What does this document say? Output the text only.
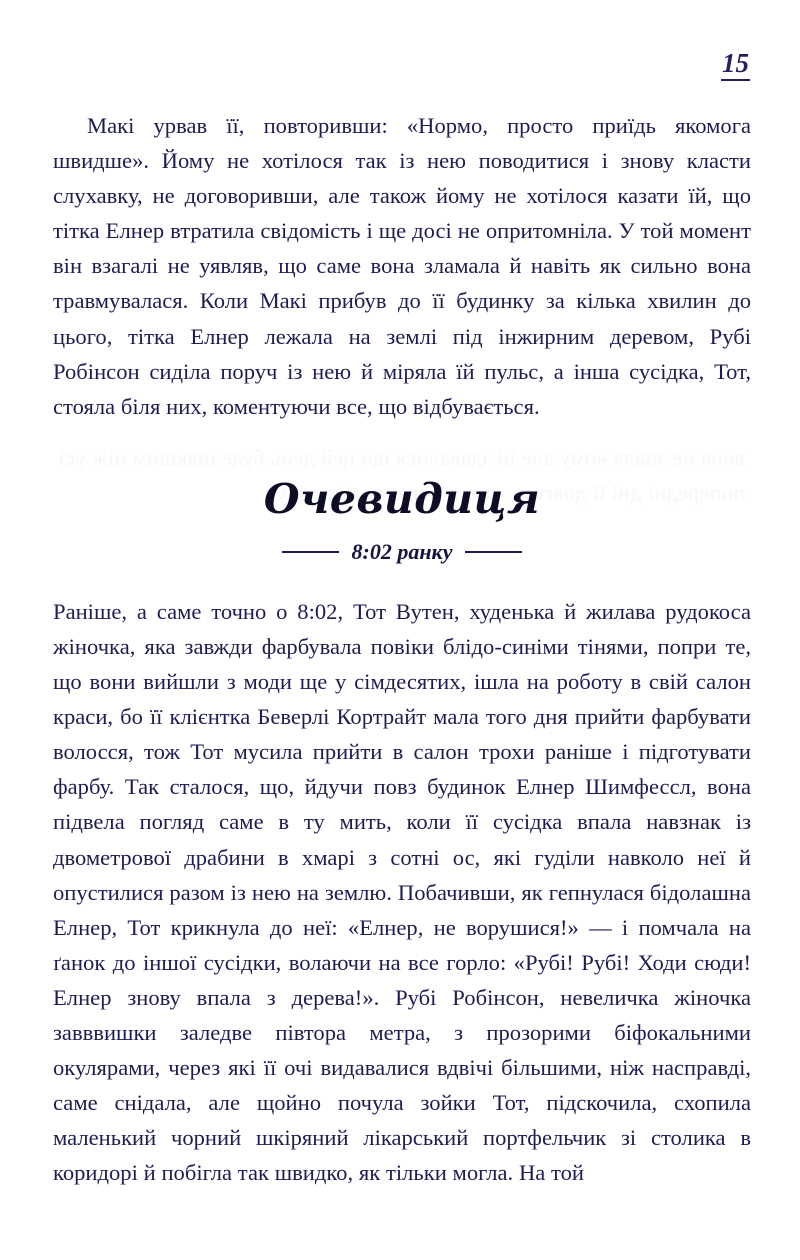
15

Макі урвав її, повторивши: «Нормо, просто приїдь якомога швидше». Йому не хотілося так із нею поводитися і знову класти слухавку, не договоривши, але також йому не хотілося казати їй, що тітка Елнер втратила свідомість і ще досі не опритомніла. У той момент він взагалі не уявляв, що саме вона зламала й навіть як сильно вона травмувалася. Коли Макі прибув до її будинку за кілька хвилин до цього, тітка Елнер лежала на землі під інжирним деревом, Рубі Робінсон сиділа поруч із нею й міряла їй пульс, а інша сусідка, Тот, стояла біля них, коментуючи все, що відбувається.

Очевидиця
8:02 ранку

Раніше, а саме точно о 8:02, Тот Вутен, худенька й жилава рудокоса жіночка, яка завжди фарбувала повіки блідо-синіми тінями, попри те, що вони вийшли з моди ще у сімдесятих, ішла на роботу в свій салон краси, бо її клієнтка Беверлі Кортрайт мала того дня прийти фарбувати волосся, тож Тот мусила прийти в салон трохи раніше і підготувати фарбу. Так сталося, що, йдучи повз будинок Елнер Шимфессл, вона підвела погляд саме в ту мить, коли її сусідка впала навзнак із двометрової драбини в хмарі з сотні ос, які гуділи навколо неї й опустилися разом із нею на землю. Побачивши, як гепнулася бідолашна Елнер, Тот крикнула до неї: «Елнер, не ворушися!» — і помчала на ґанок до іншої сусідки, волаючи на все горло: «Рубі! Рубі! Ходи сюди! Елнер знову впала з дерева!». Рубі Робінсон, невеличка жіночка завввишки заледве півтора метра, з прозорими біфокальними окулярами, через які її очі видавалися вдвічі більшими, ніж насправді, саме снідала, але щойно почула зойки Тот, підскочила, схопила маленький чорний шкіряний лікарський портфельчик зі столика в коридорі й побігла так швидко, як тільки могла. На той
